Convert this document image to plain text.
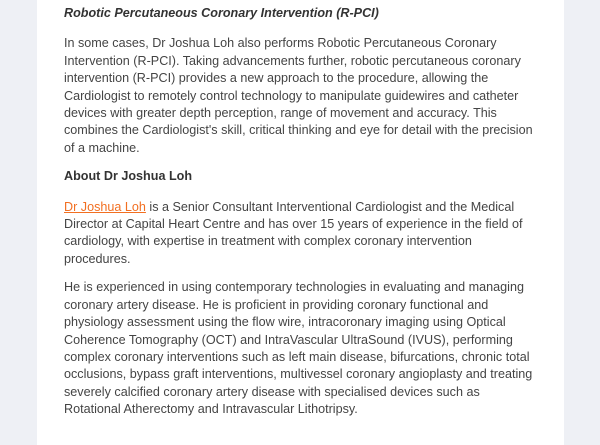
Robotic Percutaneous Coronary Intervention (R-PCI)

In some cases, Dr Joshua Loh also performs Robotic Percutaneous Coronary Intervention (R-PCI). Taking advancements further, robotic percutaneous coronary intervention (R-PCI) provides a new approach to the procedure, allowing the Cardiologist to remotely control technology to manipulate guidewires and catheter devices with greater depth perception, range of movement and accuracy. This combines the Cardiologist's skill, critical thinking and eye for detail with the precision of a machine.

About Dr Joshua Loh

Dr Joshua Loh is a Senior Consultant Interventional Cardiologist and the Medical Director at Capital Heart Centre and has over 15 years of experience in the field of cardiology, with expertise in treatment with complex coronary intervention procedures.

He is experienced in using contemporary technologies in evaluating and managing coronary artery disease. He is proficient in providing coronary functional and physiology assessment using the flow wire, intracoronary imaging using Optical Coherence Tomography (OCT) and IntraVascular UltraSound (IVUS), performing complex coronary interventions such as left main disease, bifurcations, chronic total occlusions, bypass graft interventions, multivessel coronary angioplasty and treating severely calcified coronary artery disease with specialised devices such as Rotational Atherectomy and Intravascular Lithotripsy.
